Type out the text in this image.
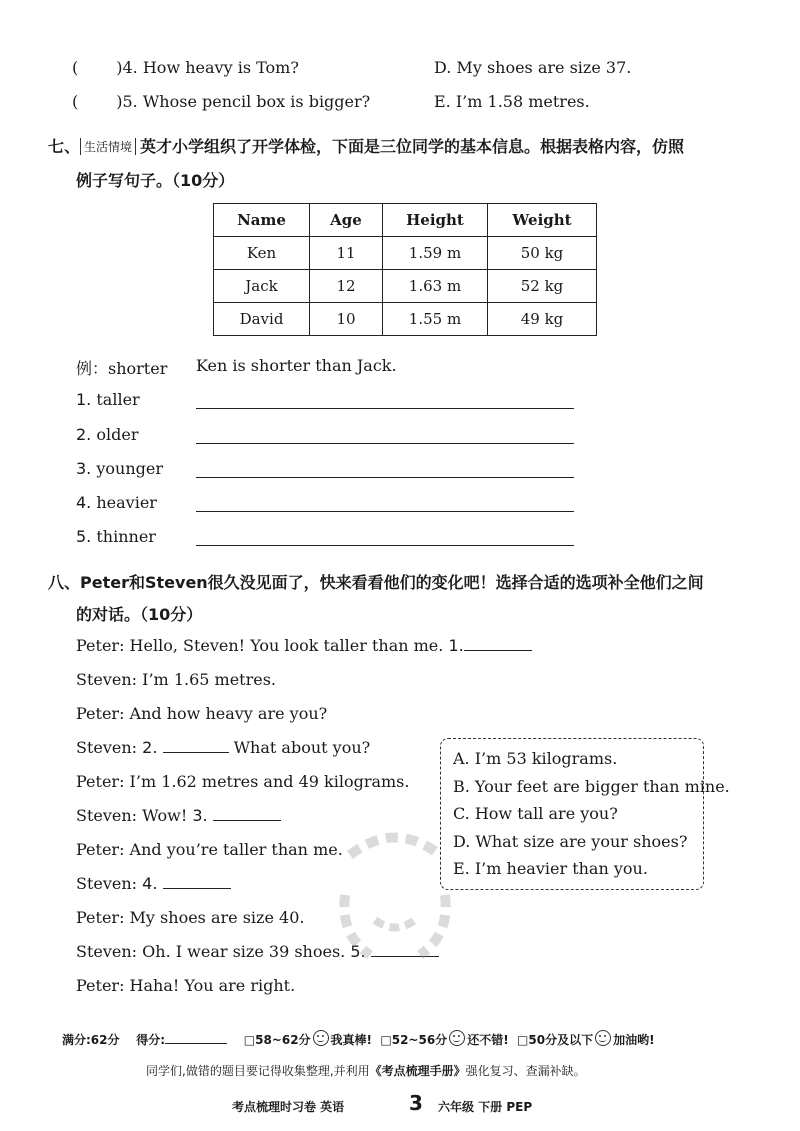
( )4. How heavy is Tom?	D. My shoes are size 37.
( )5. Whose pencil box is bigger?	E. I’m 1.58 metres.
七、 生活情境 英才小学组织了开学体检，下面是三位同学的基本信息。根据表格内容，仿照
例子写句子。（10分）
Name	Age	Height	Weight
Ken	11	1.59 m	50 kg
Jack	12	1.63 m	52 kg
David	10	1.55 m	49 kg
例：shorter Ken is shorter than Jack.
1. taller
2. older
3. younger
4. heavier
5. thinner
八、Peter和Steven很久没见面了，快来看看他们的变化吧！选择合适的选项补全他们之间
的对话。（10分）
Peter: Hello, Steven! You look taller than me. 1.
Steven: I’m 1.65 metres.
Peter: And how heavy are you?
Steven: 2.	What about you?
Peter: I’m 1.62 metres and 49 kilograms.
Steven: Wow! 3.
Peter: And you’re taller than me.
Steven: 4.
Peter: My shoes are size 40.
Steven: Oh. I wear size 39 shoes. 5.
Peter: Haha! You are right.
A. I’m 53 kilograms.
B. Your feet are bigger than mine.
C. How tall are you?
D. What size are your shoes?
E. I’m heavier than you.
满分:62分 得分:	□58~62分 我真棒! □52~56分 还不错! □50分及以下 加油哟!
同学们,做错的题目要记得收集整理,并利用《考点梳理手册》强化复习、查漏补缺。
考点梳理时习卷 英语	3 六年级 下册 PEP
